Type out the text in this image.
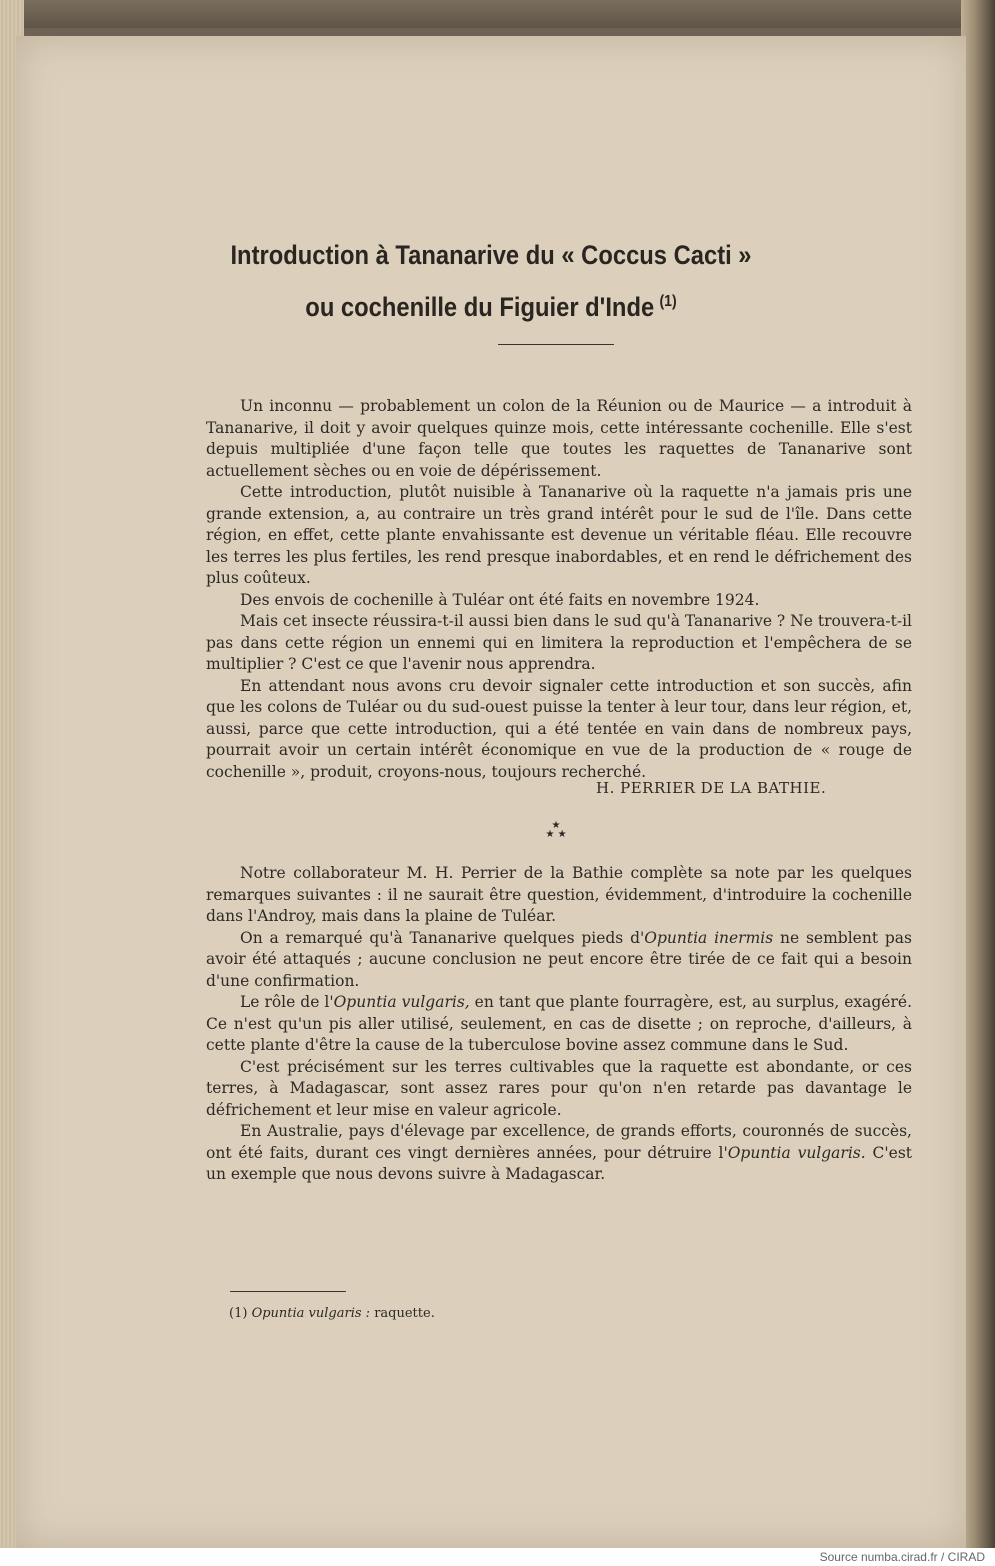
Introduction à Tananarive du « Coccus Cacti »
ou cochenille du Figuier d'Inde $^{(1)}$

Un inconnu — probablement un colon de la Réunion ou de Maurice — a introduit à Tananarive, il doit y avoir quelques quinze mois, cette intéressante cochenille. Elle s'est depuis multipliée d'une façon telle que toutes les raquettes de Tananarive sont actuellement sèches ou en voie de dépérissement.

Cette introduction, plutôt nuisible à Tananarive où la raquette n'a jamais pris une grande extension, a, au contraire un très grand intérêt pour le sud de l'île. Dans cette région, en effet, cette plante envahissante est devenue un véritable fléau. Elle recouvre les terres les plus fertiles, les rend presque inabordables, et en rend le défrichement des plus coûteux.

Des envois de cochenille à Tuléar ont été faits en novembre 1924.

Mais cet insecte réussira-t-il aussi bien dans le sud qu'à Tananarive ? Ne trouvera-t-il pas dans cette région un ennemi qui en limitera la reproduction et l'empêchera de se multiplier ? C'est ce que l'avenir nous apprendra.

En attendant nous avons cru devoir signaler cette introduction et son succès, afin que les colons de Tuléar ou du sud-ouest puisse la tenter à leur tour, dans leur région, et, aussi, parce que cette introduction, qui a été tentée en vain dans de nombreux pays, pourrait avoir un certain intérêt économique en vue de la production de « rouge de cochenille », produit, croyons-nous, toujours recherché.

H. PERRIER DE LA BATHIE.
★
★ ★

Notre collaborateur M. H. Perrier de la Bathie complète sa note par les quelques remarques suivantes : il ne saurait être question, évidemment, d'introduire la cochenille dans l'Androy, mais dans la plaine de Tuléar.

On a remarqué qu'à Tananarive quelques pieds d'Opuntia inermis ne semblent pas avoir été attaqués ; aucune conclusion ne peut encore être tirée de ce fait qui a besoin d'une confirmation.

Le rôle de l'Opuntia vulgaris, en tant que plante fourragère, est, au surplus, exagéré. Ce n'est qu'un pis aller utilisé, seulement, en cas de disette ; on reproche, d'ailleurs, à cette plante d'être la cause de la tuberculose bovine assez commune dans le Sud.

C'est précisément sur les terres cultivables que la raquette est abondante, or ces terres, à Madagascar, sont assez rares pour qu'on n'en retarde pas davantage le défrichement et leur mise en valeur agricole.

En Australie, pays d'élevage par excellence, de grands efforts, couronnés de succès, ont été faits, durant ces vingt dernières années, pour détruire l'Opuntia vulgaris. C'est un exemple que nous devons suivre à Madagascar.

(1) Opuntia vulgaris : raquette.
Source numba.cirad.fr / CIRAD
